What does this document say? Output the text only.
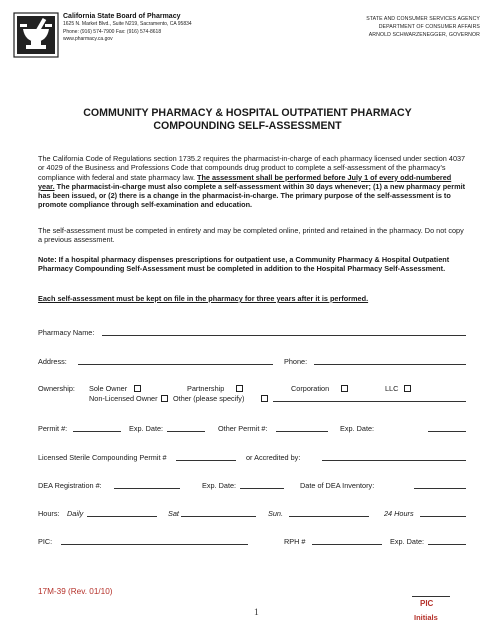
California State Board of Pharmacy
1625 N. Market Blvd., Suite N219, Sacramento, CA 95834
Phone: (916) 574-7900 Fax: (916) 574-8618
www.pharmacy.ca.gov
STATE AND CONSUMER SERVICES AGENCY
DEPARTMENT OF CONSUMER AFFAIRS
ARNOLD SCHWARZENEGGER, GOVERNOR
COMMUNITY PHARMACY & HOSPITAL OUTPATIENT PHARMACY
COMPOUNDING SELF-ASSESSMENT
The California Code of Regulations section 1735.2 requires the pharmacist-in-charge of each pharmacy licensed under section 4037 or 4029 of the Business and Professions Code that compounds drug product to complete a self-assessment of the pharmacy’s compliance with federal and state pharmacy law. The assessment shall be performed before July 1 of every odd-numbered year. The pharmacist-in-charge must also complete a self-assessment within 30 days whenever; (1) a new pharmacy permit has been issued, or (2) there is a change in the pharmacist-in-charge. The primary purpose of the self-assessment is to promote compliance through self-examination and education.
The self-assessment must be competed in entirety and may be completed online, printed and retained in the pharmacy. Do not copy a previous assessment.
Note: If a hospital pharmacy dispenses prescriptions for outpatient use, a Community Pharmacy & Hospital Outpatient Pharmacy Compounding Self-Assessment must be completed in addition to the Hospital Pharmacy Self-Assessment.
Each self-assessment must be kept on file in the pharmacy for three years after it is performed.
Pharmacy Name:
Address:	Phone:
Ownership: Sole Owner	Partnership	Corporation	LLC
Non-Licensed Owner Other (please specify)
Permit #:	Exp. Date:	Other Permit #:	Exp. Date:
Licensed Sterile Compounding Permit #	or Accredited by:
DEA Registration #:	Exp. Date:	Date of DEA Inventory:
Hours: Daily	Sat	Sun.	24 Hours
PIC:	RPH #	Exp. Date:
17M-39 (Rev. 01/10)
1
PIC
Initials
